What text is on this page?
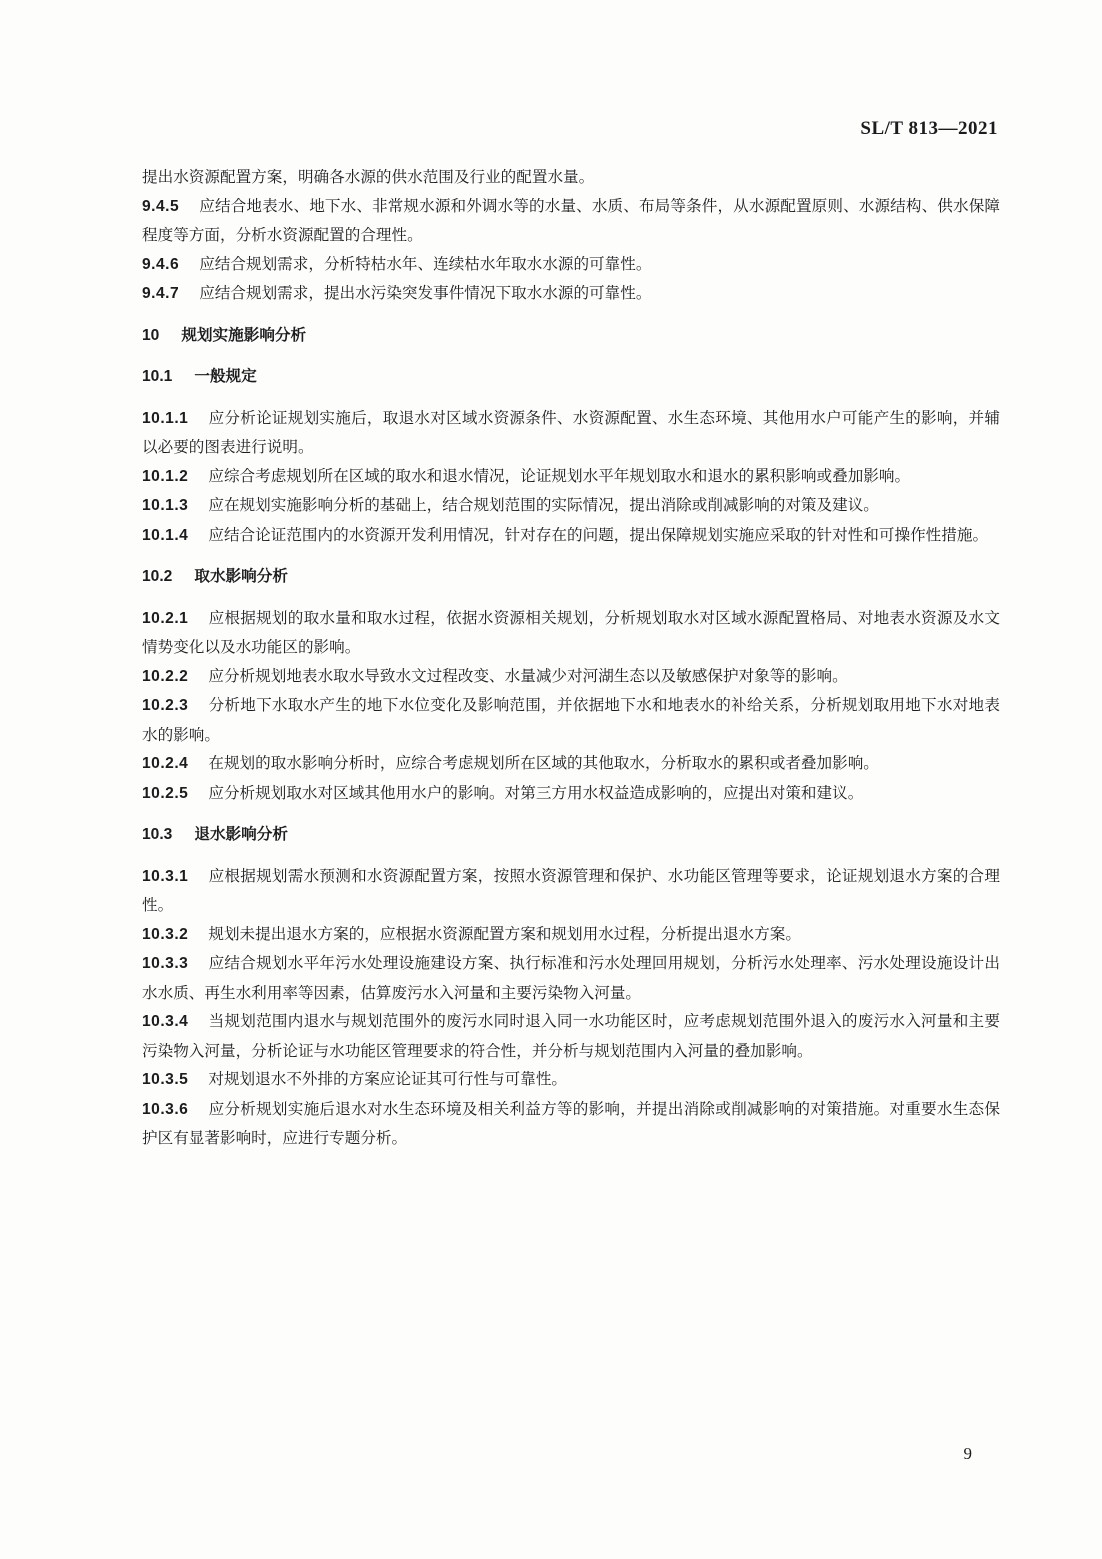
SL/T 813—2021

提出水资源配置方案，明确各水源的供水范围及行业的配置水量。

9.4.5 应结合地表水、地下水、非常规水源和外调水等的水量、水质、布局等条件，从水源配置原则、水源结构、供水保障程度等方面，分析水资源配置的合理性。

9.4.6 应结合规划需求，分析特枯水年、连续枯水年取水水源的可靠性。

9.4.7 应结合规划需求，提出水污染突发事件情况下取水水源的可靠性。

10 规划实施影响分析
10.1 一般规定

10.1.1 应分析论证规划实施后，取退水对区域水资源条件、水资源配置、水生态环境、其他用水户可能产生的影响，并辅以必要的图表进行说明。

10.1.2 应综合考虑规划所在区域的取水和退水情况，论证规划水平年规划取水和退水的累积影响或叠加影响。

10.1.3 应在规划实施影响分析的基础上，结合规划范围的实际情况，提出消除或削减影响的对策及建议。

10.1.4 应结合论证范围内的水资源开发利用情况，针对存在的问题，提出保障规划实施应采取的针对性和可操作性措施。

10.2 取水影响分析

10.2.1 应根据规划的取水量和取水过程，依据水资源相关规划，分析规划取水对区域水源配置格局、对地表水资源及水文情势变化以及水功能区的影响。

10.2.2 应分析规划地表水取水导致水文过程改变、水量减少对河湖生态以及敏感保护对象等的影响。

10.2.3 分析地下水取水产生的地下水位变化及影响范围，并依据地下水和地表水的补给关系，分析规划取用地下水对地表水的影响。

10.2.4 在规划的取水影响分析时，应综合考虑规划所在区域的其他取水，分析取水的累积或者叠加影响。

10.2.5 应分析规划取水对区域其他用水户的影响。对第三方用水权益造成影响的，应提出对策和建议。

10.3 退水影响分析

10.3.1 应根据规划需水预测和水资源配置方案，按照水资源管理和保护、水功能区管理等要求，论证规划退水方案的合理性。

10.3.2 规划未提出退水方案的，应根据水资源配置方案和规划用水过程，分析提出退水方案。

10.3.3 应结合规划水平年污水处理设施建设方案、执行标准和污水处理回用规划，分析污水处理率、污水处理设施设计出水水质、再生水利用率等因素，估算废污水入河量和主要污染物入河量。

10.3.4 当规划范围内退水与规划范围外的废污水同时退入同一水功能区时，应考虑规划范围外退入的废污水入河量和主要污染物入河量，分析论证与水功能区管理要求的符合性，并分析与规划范围内入河量的叠加影响。

10.3.5 对规划退水不外排的方案应论证其可行性与可靠性。

10.3.6 应分析规划实施后退水对水生态环境及相关利益方等的影响，并提出消除或削减影响的对策措施。对重要水生态保护区有显著影响时，应进行专题分析。

9
